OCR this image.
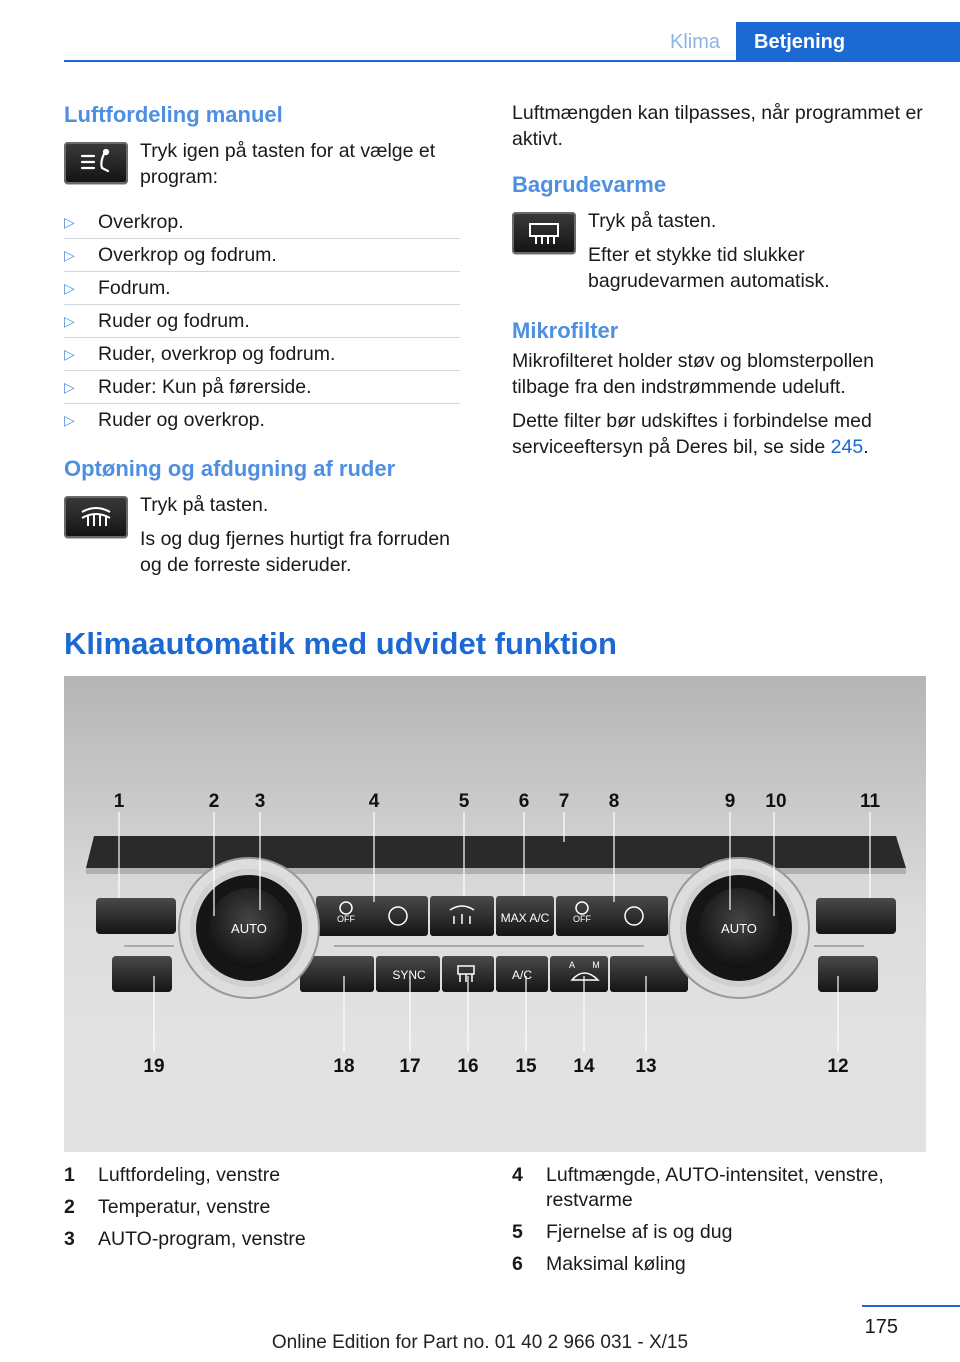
Klima	Betjening
Luftfordeling manuel
Tryk igen på tasten for at vælge et program:
▷ Overkrop.
▷ Overkrop og fodrum.
▷ Fodrum.
▷ Ruder og fodrum.
▷ Ruder, overkrop og fodrum.
▷ Ruder: Kun på førerside.
▷ Ruder og overkrop.
Optøning og afdugning af ruder

Tryk på tasten.

Is og dug fjernes hurtigt fra forruden og de forreste sideruder.

Luftmængden kan tilpasses, når programmet er aktivt.

Bagrudevarme

Tryk på tasten.

Efter et stykke tid slukker bagrudevarmen automatisk.

Mikrofilter

Mikrofilteret holder støv og blomsterpollen tilbage fra den indstrømmende udeluft.

Dette filter bør udskiftes i forbindelse med serviceeftersyn på Deres bil, se side 245.

Klimaautomatik med udvidet funktion
AUTO	AUTO
OFF	OFF
MAX A/C
SYNC	A/C
A M
1	2 3	4	5	6 7 8	9 10	11
19	18 17 16 15 14 13	12
1 Luftfordeling, venstre
2 Temperatur, venstre
3 AUTO-program, venstre
4 Luftmængde, AUTO-intensitet, venstre, restvarme
5 Fjernelse af is og dug
6 Maksimal køling
175
Online Edition for Part no. 01 40 2 966 031 - X/15
